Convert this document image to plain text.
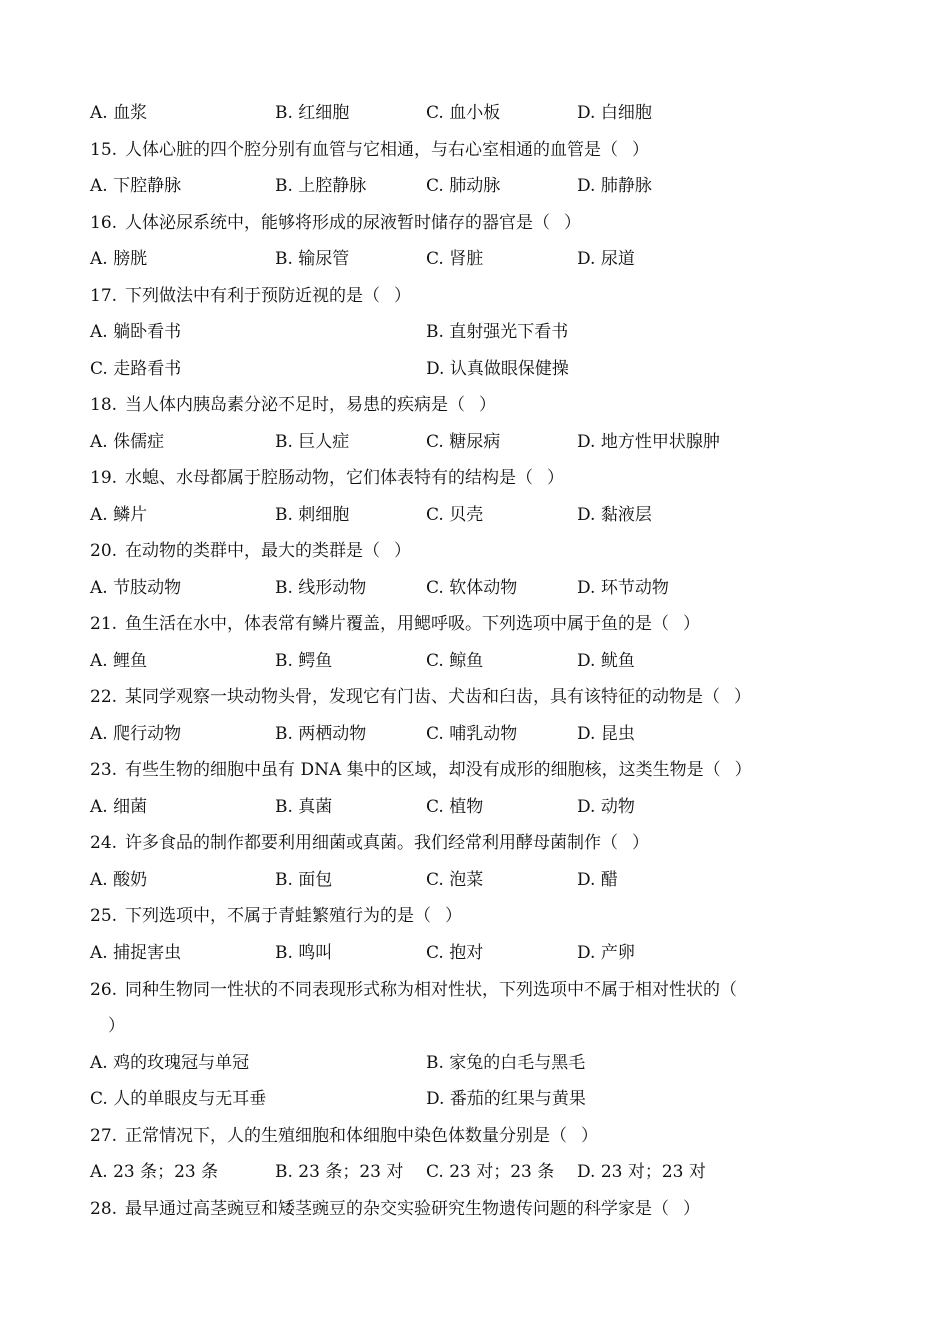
A. 血浆	B. 红细胞	C. 血小板	D. 白细胞
15. 人体心脏的四个腔分别有血管与它相通，与右心室相通的血管是（ ）
A. 下腔静脉	B. 上腔静脉	C. 肺动脉	D. 肺静脉
16. 人体泌尿系统中，能够将形成的尿液暂时储存的器官是（ ）
A. 膀胱	B. 输尿管	C. 肾脏	D. 尿道
17. 下列做法中有利于预防近视的是（ ）
A. 躺卧看书	B. 直射强光下看书
C. 走路看书	D. 认真做眼保健操
18. 当人体内胰岛素分泌不足时，易患的疾病是（ ）
A. 侏儒症	B. 巨人症	C. 糖尿病	D. 地方性甲状腺肿
19. 水螅、水母都属于腔肠动物，它们体表特有的结构是（ ）
A. 鳞片	B. 刺细胞	C. 贝壳	D. 黏液层
20. 在动物的类群中，最大的类群是（ ）
A. 节肢动物	B. 线形动物	C. 软体动物	D. 环节动物
21. 鱼生活在水中，体表常有鳞片覆盖，用鳃呼吸。下列选项中属于鱼的是（ ）
A. 鲤鱼	B. 鳄鱼	C. 鲸鱼	D. 鱿鱼
22. 某同学观察一块动物头骨，发现它有门齿、犬齿和臼齿，具有该特征的动物是（ ）
A. 爬行动物	B. 两栖动物	C. 哺乳动物	D. 昆虫
23. 有些生物的细胞中虽有 DNA 集中的区域，却没有成形的细胞核，这类生物是（ ）
A. 细菌	B. 真菌	C. 植物	D. 动物
24. 许多食品的制作都要利用细菌或真菌。我们经常利用酵母菌制作（ ）
A. 酸奶	B. 面包	C. 泡菜	D. 醋
25. 下列选项中，不属于青蛙繁殖行为的是（ ）
A. 捕捉害虫	B. 鸣叫	C. 抱对	D. 产卵
26. 同种生物同一性状的不同表现形式称为相对性状，下列选项中不属于相对性状的（
）
A. 鸡的玫瑰冠与单冠	B. 家兔的白毛与黑毛
C. 人的单眼皮与无耳垂	D. 番茄的红果与黄果
27. 正常情况下，人的生殖细胞和体细胞中染色体数量分别是（ ）
A. 23 条；23 条	B. 23 条；23 对 C. 23 对；23 条 D. 23 对；23 对
28. 最早通过高茎豌豆和矮茎豌豆的杂交实验研究生物遗传问题的科学家是（ ）
